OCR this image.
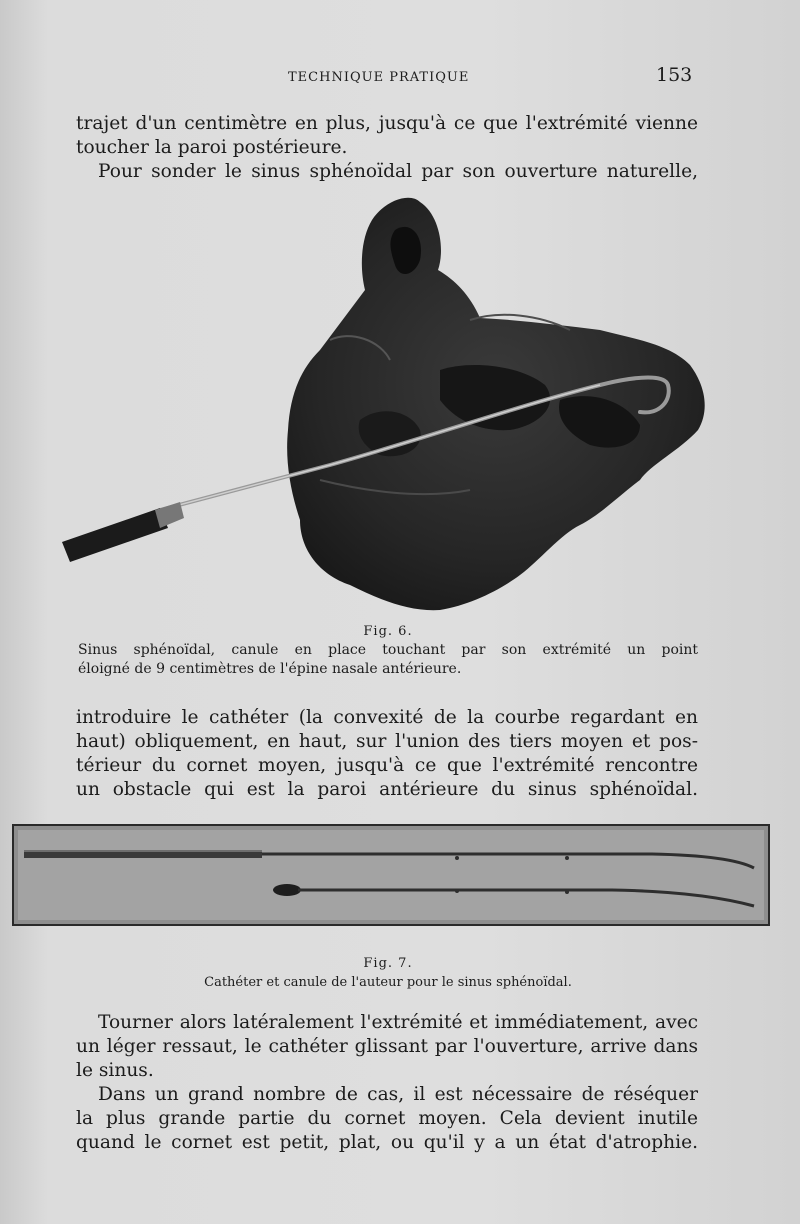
TECHNIQUE PRATIQUE	153
trajet d'un centimètre en plus, jusqu'à ce que l'extrémité vienne
toucher la paroi postérieure.
Pour sonder le sinus sphénoïdal par son ouverture naturelle,
Fig. 6.
Sinus sphénoïdal, canule en place touchant par son extrémité un point
éloigné de 9 centimètres de l'épine nasale antérieure.
introduire le cathéter (la convexité de la courbe regardant en
haut) obliquement, en haut, sur l'union des tiers moyen et pos-
térieur du cornet moyen, jusqu'à ce que l'extrémité rencontre
un obstacle qui est la paroi antérieure du sinus sphénoïdal.
Fig. 7.
Cathéter et canule de l'auteur pour le sinus sphénoïdal.
Tourner alors latéralement l'extrémité et immédiatement, avec
un léger ressaut, le cathéter glissant par l'ouverture, arrive dans
le sinus.
Dans un grand nombre de cas, il est nécessaire de réséquer
la plus grande partie du cornet moyen. Cela devient inutile
quand le cornet est petit, plat, ou qu'il y a un état d'atrophie.
